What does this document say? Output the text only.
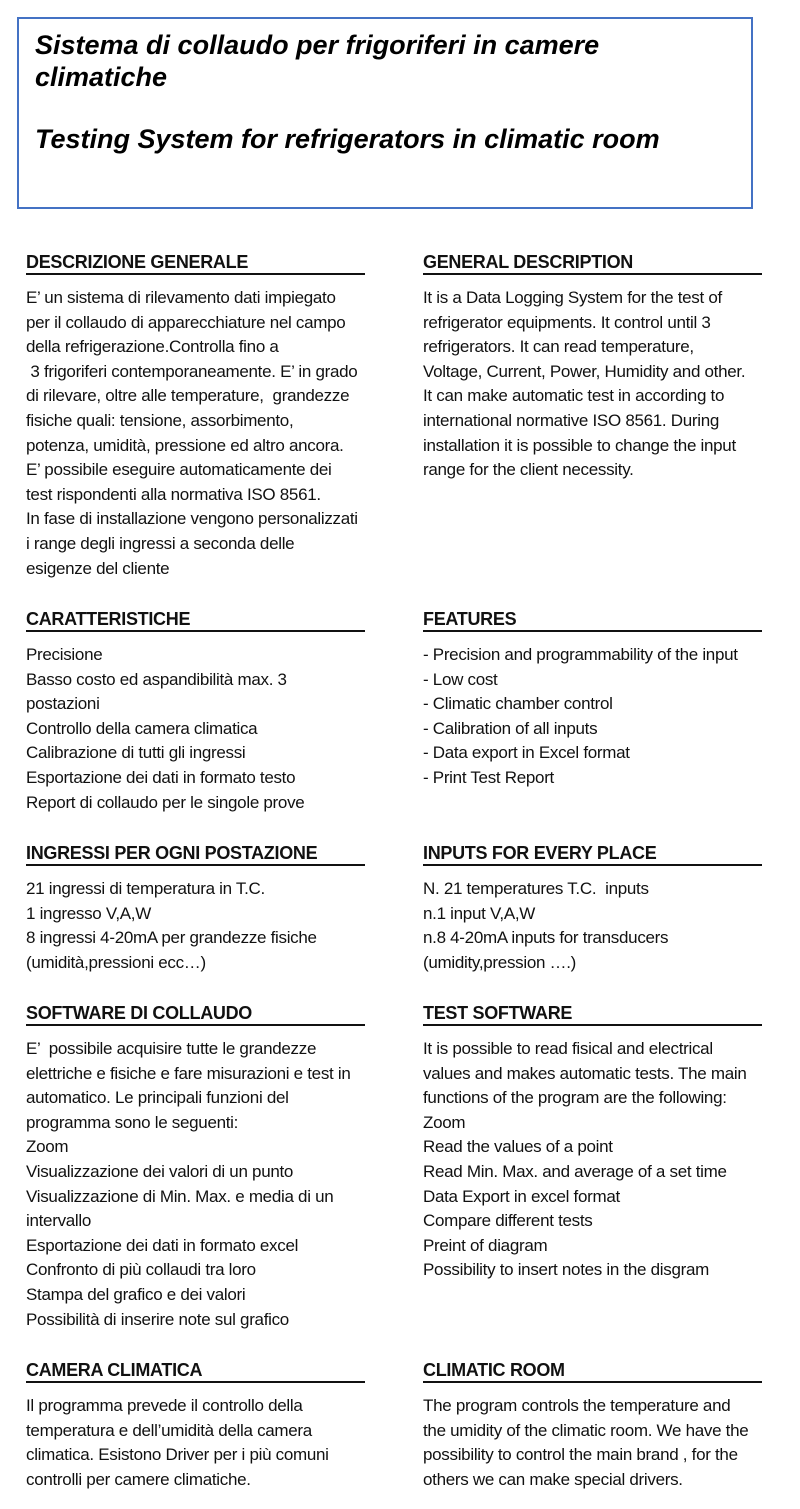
Sistema di collaudo per frigoriferi in camere climatiche
Testing System for refrigerators in climatic room
DESCRIZIONE GENERALE
E’ un sistema di rilevamento dati impiegato
per il collaudo di apparecchiature nel campo
della refrigerazione.Controlla fino a
3 frigoriferi contemporaneamente. E’ in grado
di rilevare, oltre alle temperature,  grandezze
fisiche quali: tensione, assorbimento,
potenza, umidità, pressione ed altro ancora.
E’ possibile eseguire automaticamente dei
test rispondenti alla normativa ISO 8561.
In fase di installazione vengono personalizzati
i range degli ingressi a seconda delle
esigenze del cliente
GENERAL DESCRIPTION
It is a Data Logging System for the test of
refrigerator equipments. It control until 3
refrigerators. It can read temperature,
Voltage, Current, Power, Humidity and other.
It can make automatic test in according to
international normative ISO 8561. During
installation it is possible to change the input
range for the client necessity.
CARATTERISTICHE
Precisione
Basso costo ed aspandibilità max. 3
postazioni
Controllo della camera climatica
Calibrazione di tutti gli ingressi
Esportazione dei dati in formato testo
Report di collaudo per le singole prove
FEATURES
- Precision and programmability of the input
- Low cost
- Climatic chamber control
- Calibration of all inputs
- Data export in Excel format
- Print Test Report
INGRESSI PER OGNI POSTAZIONE
21 ingressi di temperatura in T.C.
1 ingresso V,A,W
8 ingressi 4-20mA per grandezze fisiche
(umidità,pressioni ecc…)
INPUTS FOR EVERY PLACE
N. 21 temperatures T.C.  inputs
n.1 input V,A,W
n.8 4-20mA inputs for transducers
(umidity,pression ….)
SOFTWARE DI COLLAUDO
E’  possibile acquisire tutte le grandezze
elettriche e fisiche e fare misurazioni e test in
automatico. Le principali funzioni del
programma sono le seguenti:
Zoom
Visualizzazione dei valori di un punto
Visualizzazione di Min. Max. e media di un
intervallo
Esportazione dei dati in formato excel
Confronto di più collaudi tra loro
Stampa del grafico e dei valori
Possibilità di inserire note sul grafico
TEST SOFTWARE
It is possible to read fisical and electrical
values and makes automatic tests. The main
functions of the program are the following:
Zoom
Read the values of a point
Read Min. Max. and average of a set time
Data Export in excel format
Compare different tests
Preint of diagram
Possibility to insert notes in the disgram
CAMERA CLIMATICA
Il programma prevede il controllo della
temperatura e dell’umidità della camera
climatica. Esistono Driver per i più comuni
controlli per camere climatiche.
CLIMATIC ROOM
The program controls the temperature and
the umidity of the climatic room. We have the
possibility to control the main brand , for the
others we can make special drivers.
